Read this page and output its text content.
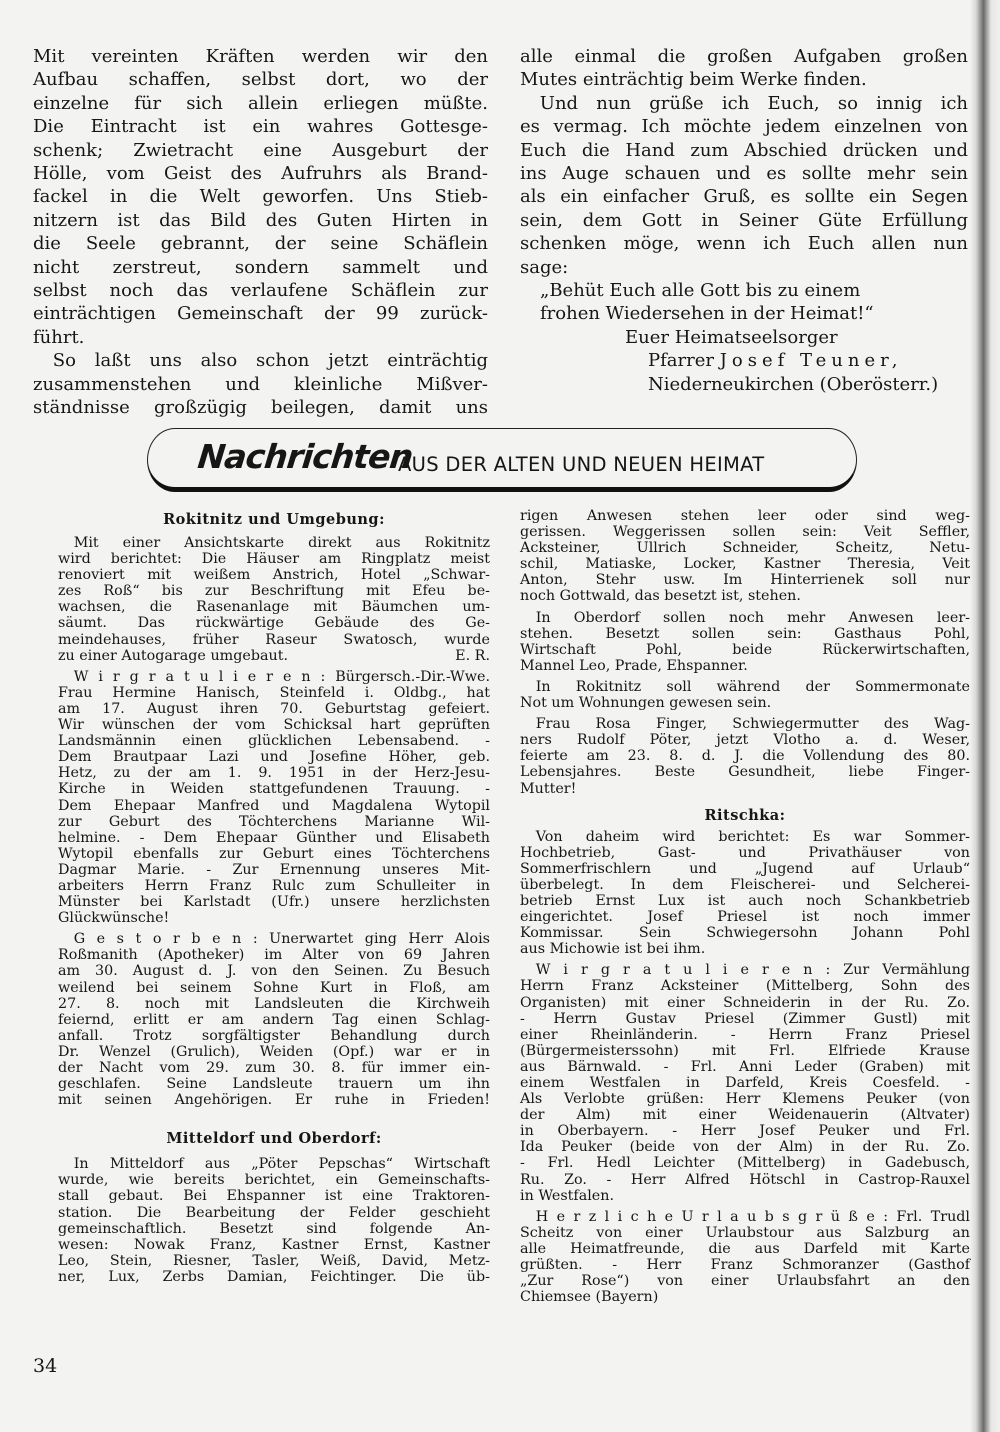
Mit vereinten Kräften werden wir den
Aufbau schaffen, selbst dort, wo der
einzelne für sich allein erliegen müßte.
Die Eintracht ist ein wahres Gottesge-
schenk; Zwietracht eine Ausgeburt der
Hölle, vom Geist des Aufruhrs als Brand-
fackel in die Welt geworfen. Uns Stieb-
nitzern ist das Bild des Guten Hirten in
die Seele gebrannt, der seine Schäflein
nicht zerstreut, sondern sammelt und
selbst noch das verlaufene Schäflein zur
einträchtigen Gemeinschaft der 99 zurück-
führt.
So laßt uns also schon jetzt einträchtig
zusammenstehen und kleinliche Mißver-
ständnisse großzügig beilegen, damit uns
alle einmal die großen Aufgaben großen
Mutes einträchtig beim Werke finden.
Und nun grüße ich Euch, so innig ich
es vermag. Ich möchte jedem einzelnen von
Euch die Hand zum Abschied drücken und
ins Auge schauen und es sollte mehr sein
als ein einfacher Gruß, es sollte ein Segen
sein, dem Gott in Seiner Güte Erfüllung
schenken möge, wenn ich Euch allen nun
sage:
„Behüt Euch alle Gott bis zu einem
frohen Wiedersehen in der Heimat!“
Euer Heimatseelsorger
Pfarrer Josef Teuner,
Niederneukirchen (Oberösterr.)
Nachrichten
AUS DER ALTEN UND NEUEN HEIMAT
Rokitnitz und Umgebung:
Mit einer Ansichtskarte direkt aus Rokitnitz
wird berichtet: Die Häuser am Ringplatz meist
renoviert mit weißem Anstrich, Hotel „Schwar-
zes Roß“ bis zur Beschriftung mit Efeu be-
wachsen, die Rasenanlage mit Bäumchen um-
säumt. Das rückwärtige Gebäude des Ge-
meindehauses, früher Raseur Swatosch, wurde
zu einer Autogarage umgebaut.	E. R.
W i r g r a t u l i e r e n : Bürgersch.-Dir.-Wwe.
Frau Hermine Hanisch, Steinfeld i. Oldbg., hat
am 17. August ihren 70. Geburtstag gefeiert.
Wir wünschen der vom Schicksal hart geprüften
Landsmännin einen glücklichen Lebensabend. -
Dem Brautpaar Lazi und Josefine Höher, geb.
Hetz, zu der am 1. 9. 1951 in der Herz-Jesu-
Kirche in Weiden stattgefundenen Trauung. -
Dem Ehepaar Manfred und Magdalena Wytopil
zur Geburt des Töchterchens Marianne Wil-
helmine. - Dem Ehepaar Günther und Elisabeth
Wytopil ebenfalls zur Geburt eines Töchterchens
Dagmar Marie. - Zur Ernennung unseres Mit-
arbeiters Herrn Franz Rulc zum Schulleiter in
Münster bei Karlstadt (Ufr.) unsere herzlichsten
Glückwünsche!
G e s t o r b e n : Unerwartet ging Herr Alois
Roßmanith (Apotheker) im Alter von 69 Jahren
am 30. August d. J. von den Seinen. Zu Besuch
weilend bei seinem Sohne Kurt in Floß, am
27. 8. noch mit Landsleuten die Kirchweih
feiernd, erlitt er am andern Tag einen Schlag-
anfall. Trotz sorgfältigster Behandlung durch
Dr. Wenzel (Grulich), Weiden (Opf.) war er in
der Nacht vom 29. zum 30. 8. für immer ein-
geschlafen. Seine Landsleute trauern um ihn
mit seinen Angehörigen. Er ruhe in Frieden!
Mitteldorf und Oberdorf:
In Mitteldorf aus „Pöter Pepschas“ Wirtschaft
wurde, wie bereits berichtet, ein Gemeinschafts-
stall gebaut. Bei Ehspanner ist eine Traktoren-
station. Die Bearbeitung der Felder geschieht
gemeinschaftlich. Besetzt sind folgende An-
wesen: Nowak Franz, Kastner Ernst, Kastner
Leo, Stein, Riesner, Tasler, Weiß, David, Metz-
ner, Lux, Zerbs Damian, Feichtinger. Die üb-
rigen Anwesen stehen leer oder sind weg-
gerissen. Weggerissen sollen sein: Veit Seffler,
Acksteiner, Ullrich Schneider, Scheitz, Netu-
schil, Matiaske, Locker, Kastner Theresia, Veit
Anton, Stehr usw. Im Hinterrienek soll nur
noch Gottwald, das besetzt ist, stehen.
In Oberdorf sollen noch mehr Anwesen leer-
stehen. Besetzt sollen sein: Gasthaus Pohl,
Wirtschaft Pohl, beide Rückerwirtschaften,
Mannel Leo, Prade, Ehspanner.
In Rokitnitz soll während der Sommermonate
Not um Wohnungen gewesen sein.
Frau Rosa Finger, Schwiegermutter des Wag-
ners Rudolf Pöter, jetzt Vlotho a. d. Weser,
feierte am 23. 8. d. J. die Vollendung des 80.
Lebensjahres. Beste Gesundheit, liebe Finger-
Mutter!
Ritschka:
Von daheim wird berichtet: Es war Sommer-
Hochbetrieb, Gast- und Privathäuser von
Sommerfrischlern und „Jugend auf Urlaub“
überbelegt. In dem Fleischerei- und Selcherei-
betrieb Ernst Lux ist auch noch Schankbetrieb
eingerichtet. Josef Priesel ist noch immer
Kommissar. Sein Schwiegersohn Johann Pohl
aus Michowie ist bei ihm.
W i r g r a t u l i e r e n : Zur Vermählung
Herrn Franz Acksteiner (Mittelberg, Sohn des
Organisten) mit einer Schneiderin in der Ru. Zo.
- Herrn Gustav Priesel (Zimmer Gustl) mit
einer Rheinländerin. - Herrn Franz Priesel
(Bürgermeisterssohn) mit Frl. Elfriede Krause
aus Bärnwald. - Frl. Anni Leder (Graben) mit
einem Westfalen in Darfeld, Kreis Coesfeld. -
Als Verlobte grüßen: Herr Klemens Peuker (von
der Alm) mit einer Weidenauerin (Altvater)
in Oberbayern. - Herr Josef Peuker und Frl.
Ida Peuker (beide von der Alm) in der Ru. Zo.
- Frl. Hedl Leichter (Mittelberg) in Gadebusch,
Ru. Zo. - Herr Alfred Hötschl in Castrop-Rauxel
in Westfalen.
H e r z l i c h e U r l a u b s g r ü ß e : Frl. Trudl
Scheitz von einer Urlaubstour aus Salzburg an
alle Heimatfreunde, die aus Darfeld mit Karte
grüßten. - Herr Franz Schmoranzer (Gasthof
„Zur Rose“) von einer Urlaubsfahrt an den
Chiemsee (Bayern)
34
